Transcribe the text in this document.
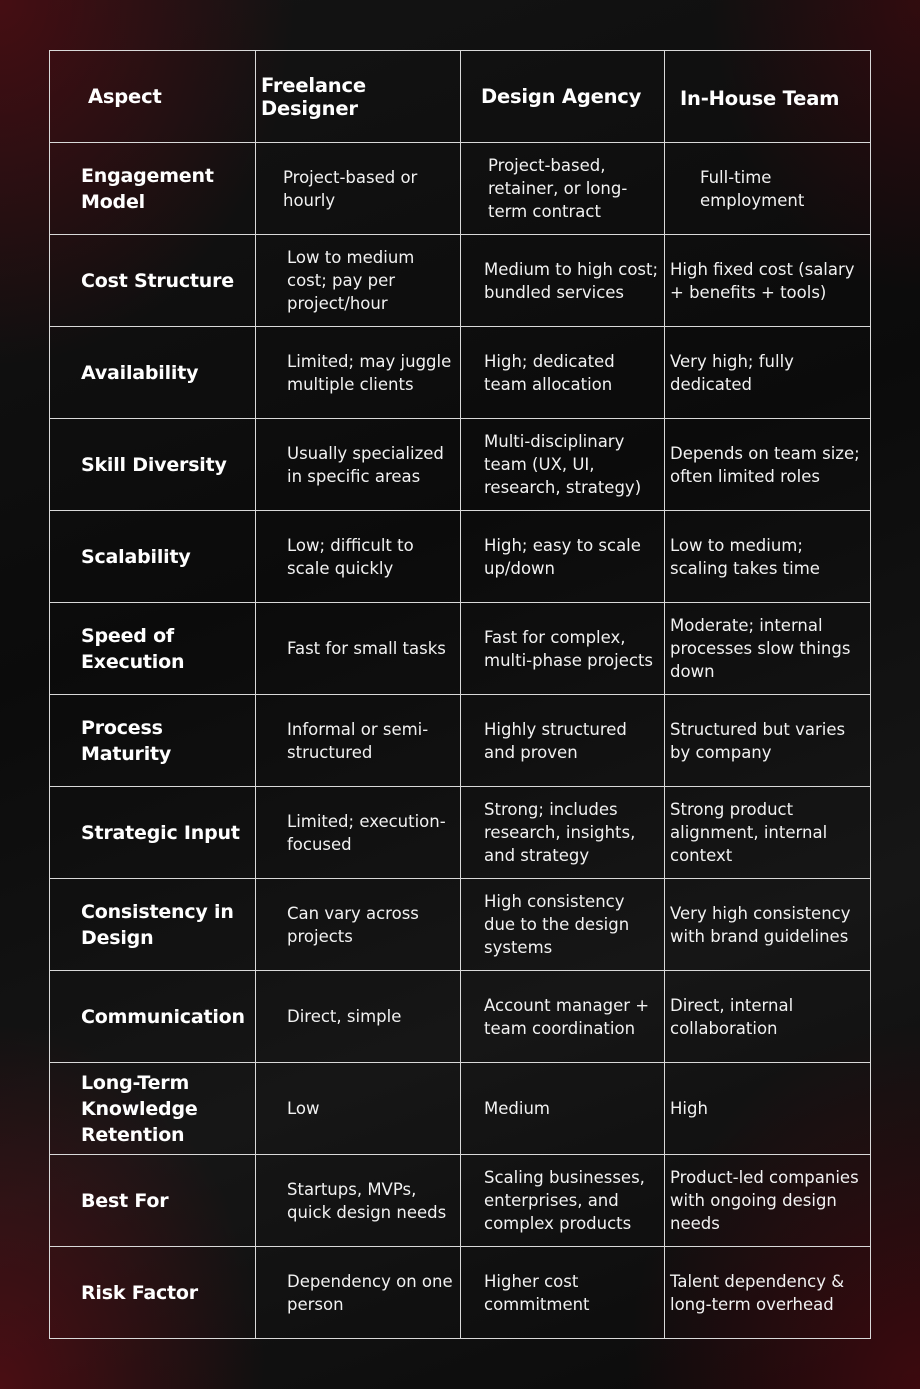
Aspect	Freelance Designer	Design Agency	In-House Team

Engagement Model	Project-based or hourly	Project-based, retainer, or long-term contract	Full-time employment
Cost Structure	Low to medium cost; pay per project/hour	Medium to high cost; bundled services	High fixed cost (salary + benefits + tools)
Availability	Limited; may juggle multiple clients	High; dedicated team allocation	Very high; fully dedicated
Skill Diversity	Usually specialized in specific areas	Multi-disciplinary team (UX, UI, research, strategy)	Depends on team size; often limited roles
Scalability	Low; difficult to scale quickly	High; easy to scale up/down	Low to medium; scaling takes time
Speed of Execution	Fast for small tasks	Fast for complex, multi-phase projects	Moderate; internal processes slow things down
Process Maturity	Informal or semi-structured	Highly structured and proven	Structured but varies by company
Strategic Input	Limited; execution-focused	Strong; includes research, insights, and strategy	Strong product alignment, internal context
Consistency in Design	Can vary across projects	High consistency due to the design systems	Very high consistency with brand guidelines
Communication	Direct, simple	Account manager + team coordination	Direct, internal collaboration
Long-Term Knowledge Retention	Low	Medium	High
Best For	Startups, MVPs, quick design needs	Scaling businesses, enterprises, and complex products	Product-led companies with ongoing design needs
Risk Factor	Dependency on one person	Higher cost commitment	Talent dependency & long-term overhead
